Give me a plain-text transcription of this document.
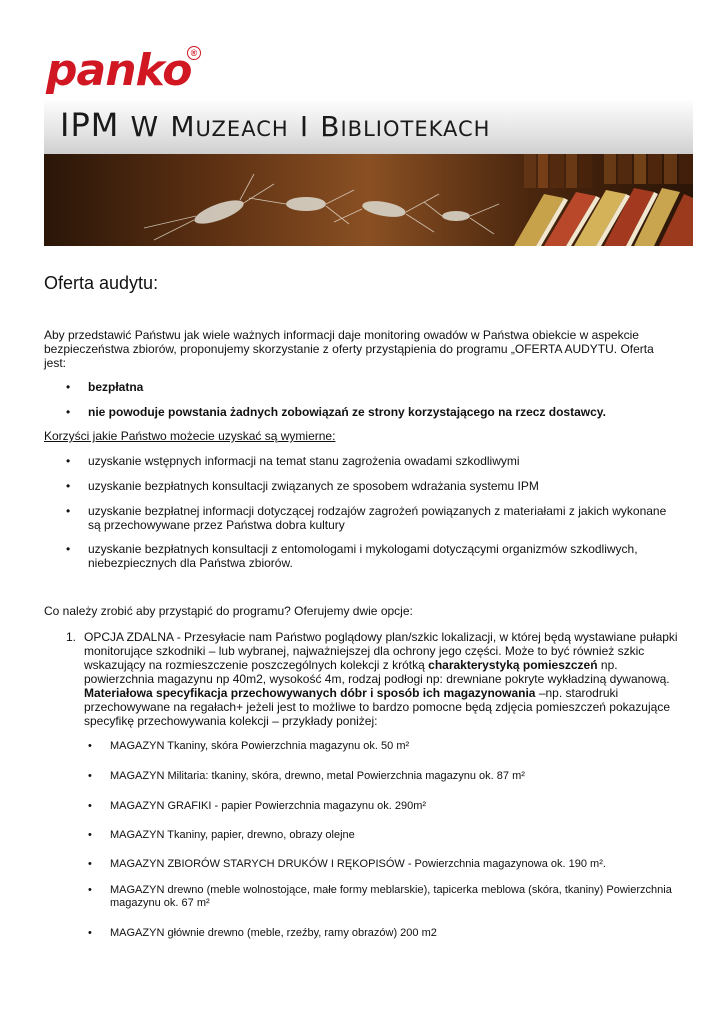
panko ®
IPM W MUZEACH I BIBLIOTEKACH
Oferta audytu:
Aby przedstawić Państwu jak wiele ważnych informacji daje monitoring owadów w Państwa obiekcie w aspekcie bezpieczeństwa zbiorów, proponujemy skorzystanie z oferty przystąpienia do programu „OFERTA AUDYTU. Oferta jest:
•	bezpłatna
•	nie powoduje powstania żadnych zobowiązań ze strony korzystającego na rzecz dostawcy.
Korzyści jakie Państwo możecie uzyskać są wymierne:
•	uzyskanie wstępnych informacji na temat stanu zagrożenia owadami szkodliwymi
•	uzyskanie bezpłatnych konsultacji związanych ze sposobem wdrażania systemu IPM
•	uzyskanie bezpłatnej informacji dotyczącej rodzajów zagrożeń powiązanych z materiałami z jakich wykonane są przechowywane przez Państwa dobra kultury
•	uzyskanie bezpłatnych konsultacji z entomologami i mykologami dotyczącymi organizmów szkodliwych, niebezpiecznych dla Państwa zbiorów.
Co należy zrobić aby przystąpić do programu? Oferujemy dwie opcje:
1. OPCJA ZDALNA - Przesyłacie nam Państwo poglądowy plan/szkic lokalizacji, w której będą wystawiane pułapki monitorujące szkodniki – lub wybranej, najważniejszej dla ochrony jego części. Może to być również szkic wskazujący na rozmieszczenie poszczególnych kolekcji z krótką charakterystyką pomieszczeń np. powierzchnia magazynu np 40m2, wysokość 4m, rodzaj podłogi np: drewniane pokryte wykładziną dywanową. Materiałowa specyfikacja przechowywanych dóbr i sposób ich magazynowania –np. starodruki przechowywane na regałach+ jeżeli jest to możliwe to bardzo pomocne będą zdjęcia pomieszczeń pokazujące specyfikę przechowywania kolekcji – przykłady poniżej:
•	MAGAZYN Tkaniny, skóra Powierzchnia magazynu ok. 50 m²
•	MAGAZYN Militaria: tkaniny, skóra, drewno, metal Powierzchnia magazynu ok. 87 m²
•	MAGAZYN GRAFIKI - papier Powierzchnia magazynu ok. 290m²
•	MAGAZYN Tkaniny, papier, drewno, obrazy olejne
•	MAGAZYN ZBIORÓW STARYCH DRUKÓW I RĘKOPISÓW - Powierzchnia magazynowa ok. 190 m².
•	MAGAZYN drewno (meble wolnostojące, małe formy meblarskie), tapicerka meblowa (skóra, tkaniny) Powierzchnia magazynu ok. 67 m²
•	MAGAZYN głównie drewno (meble, rzeźby, ramy obrazów) 200 m2
